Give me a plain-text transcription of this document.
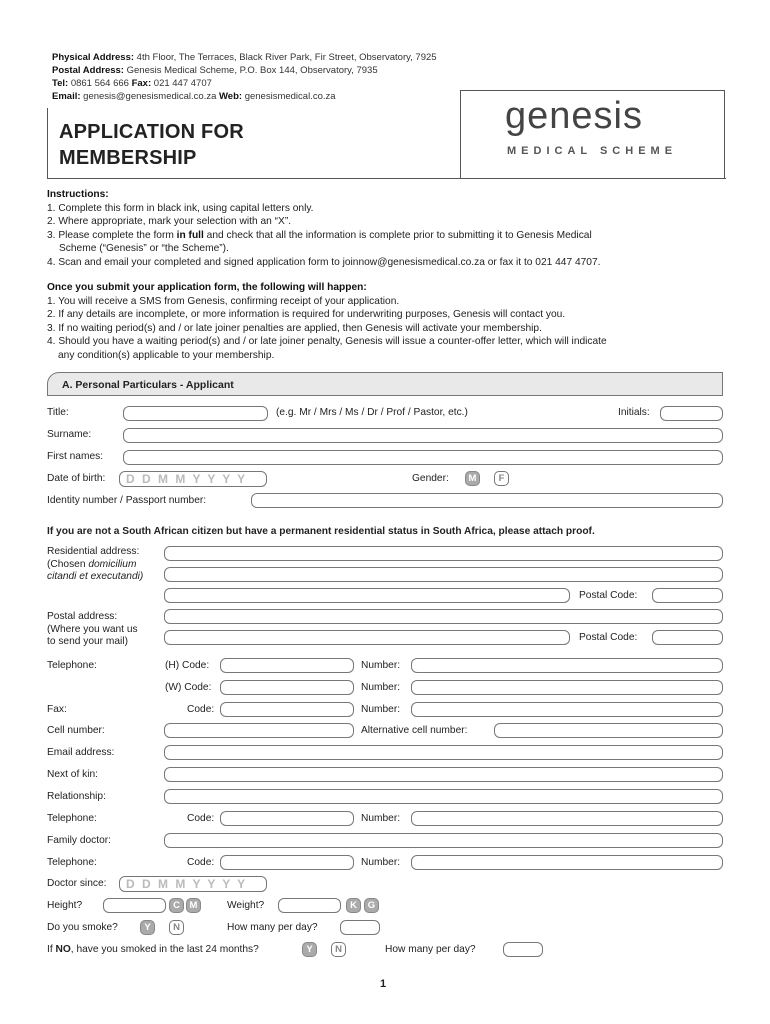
Physical Address: 4th Floor, The Terraces, Black River Park, Fir Street, Observatory, 7925
Postal Address: Genesis Medical Scheme, P.O. Box 144, Observatory, 7935
Tel: 0861 564 666 Fax: 021 447 4707
Email: genesis@genesismedical.co.za Web: genesismedical.co.za	genesis
MEDICAL SCHEME
APPLICATION FOR
MEMBERSHIP
Instructions:
1. Complete this form in black ink, using capital letters only.
2. Where appropriate, mark your selection with an “X”.
3. Please complete the form in full and check that all the information is complete prior to submitting it to Genesis Medical
Scheme (“Genesis” or “the Scheme”).
4. Scan and email your completed and signed application form to joinnow@genesismedical.co.za or fax it to 021 447 4707.
Once you submit your application form, the following will happen:
1. You will receive a SMS from Genesis, confirming receipt of your application.
2. If any details are incomplete, or more information is required for underwriting purposes, Genesis will contact you.
3. If no waiting period(s) and / or late joiner penalties are applied, then Genesis will activate your membership.
4. Should you have a waiting period(s) and / or late joiner penalty, Genesis will issue a counter-offer letter, which will indicate
any condition(s) applicable to your membership.
A. Personal Particulars - Applicant
Title:	(e.g. Mr / Mrs / Ms / Dr / Prof / Pastor, etc.)	Initials:
Surname:
First names:
Date of birth:	D D M M Y Y Y Y	Gender:	M	F
Identity number / Passport number:
If you are not a South African citizen but have a permanent residential status in South Africa, please attach proof.
Residential address:
(Chosen domicilium
citandi et executandi)
Postal Code:
Postal address:
(Where you want us
to send your mail)	Postal Code:
Telephone:	(H) Code:	Number:
(W) Code:	Number:
Fax:	Code:	Number:
Cell number:	Alternative cell number:
Email address:
Next of kin:
Relationship:
Telephone:	Code:	Number:
Family doctor:
Telephone:	Code:	Number:
Doctor since:	D D M M Y Y Y Y
Height?	C	M	Weight?	K	G
Do you smoke?	Y	N	How many per day?
If NO, have you smoked in the last 24 months?	Y	N	How many per day?
1
